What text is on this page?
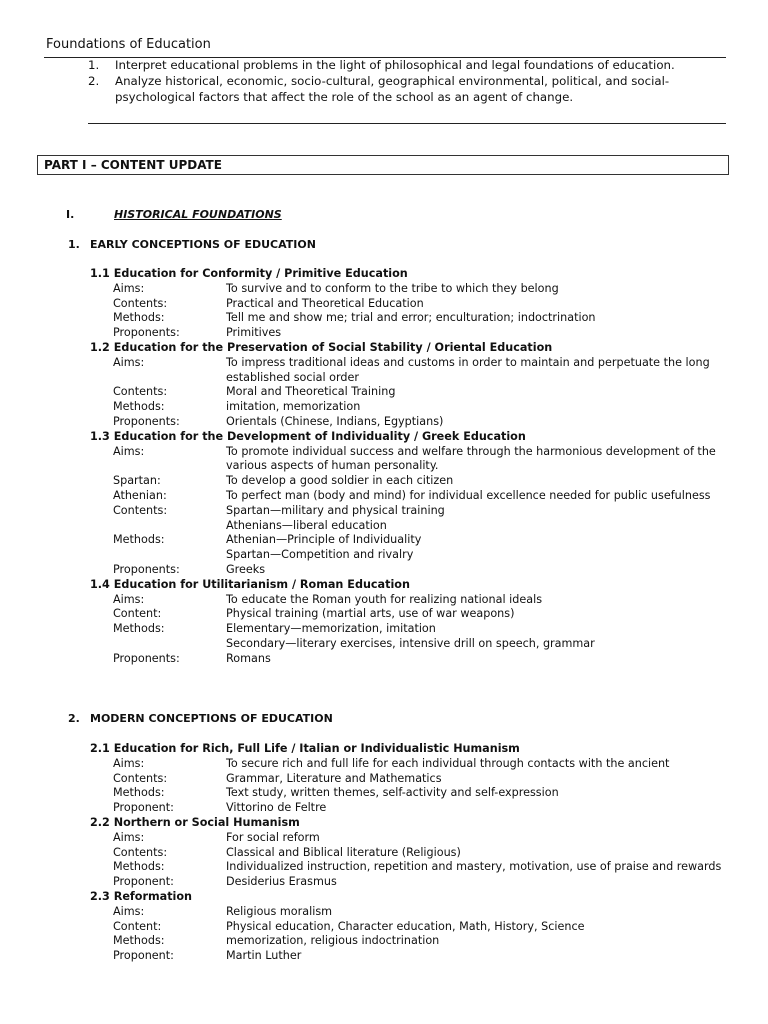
Foundations of Education
1. Interpret educational problems in the light of philosophical and legal foundations of education.
2. Analyze historical, economic, socio-cultural, geographical environmental, political, and social-psychological factors that affect the role of the school as an agent of change.
PART I – CONTENT UPDATE
I.	HISTORICAL FOUNDATIONS
1. EARLY CONCEPTIONS OF EDUCATION
1.1 Education for Conformity / Primitive Education
Aims:	To survive and to conform to the tribe to which they belong
Contents:	Practical and Theoretical Education
Methods:	Tell me and show me; trial and error; enculturation; indoctrination
Proponents:	Primitives
1.2 Education for the Preservation of Social Stability / Oriental Education
Aims:	To impress traditional ideas and customs in order to maintain and perpetuate the long established social order
Contents:	Moral and Theoretical Training
Methods:	imitation, memorization
Proponents:	Orientals (Chinese, Indians, Egyptians)
1.3 Education for the Development of Individuality / Greek Education
Aims:	To promote individual success and welfare through the harmonious development of the various aspects of human personality.
Spartan:	To develop a good soldier in each citizen
Athenian:	To perfect man (body and mind) for individual excellence needed for public usefulness
Contents:	Spartan—military and physical training
Athenians—liberal education
Methods:	Athenian—Principle of Individuality
Spartan—Competition and rivalry
Proponents:	Greeks
1.4 Education for Utilitarianism / Roman Education
Aims:	To educate the Roman youth for realizing national ideals
Content:	Physical training (martial arts, use of war weapons)
Methods:	Elementary—memorization, imitation
Secondary—literary exercises, intensive drill on speech, grammar
Proponents:	Romans
2. MODERN CONCEPTIONS OF EDUCATION
2.1 Education for Rich, Full Life / Italian or Individualistic Humanism
Aims:	To secure rich and full life for each individual through contacts with the ancient
Contents:	Grammar, Literature and Mathematics
Methods:	Text study, written themes, self-activity and self-expression
Proponent:	Vittorino de Feltre
2.2 Northern or Social Humanism
Aims:	For social reform
Contents:	Classical and Biblical literature (Religious)
Methods:	Individualized instruction, repetition and mastery, motivation, use of praise and rewards
Proponent:	Desiderius Erasmus
2.3 Reformation
Aims:	Religious moralism
Content:	Physical education, Character education, Math, History, Science
Methods:	memorization, religious indoctrination
Proponent:	Martin Luther
